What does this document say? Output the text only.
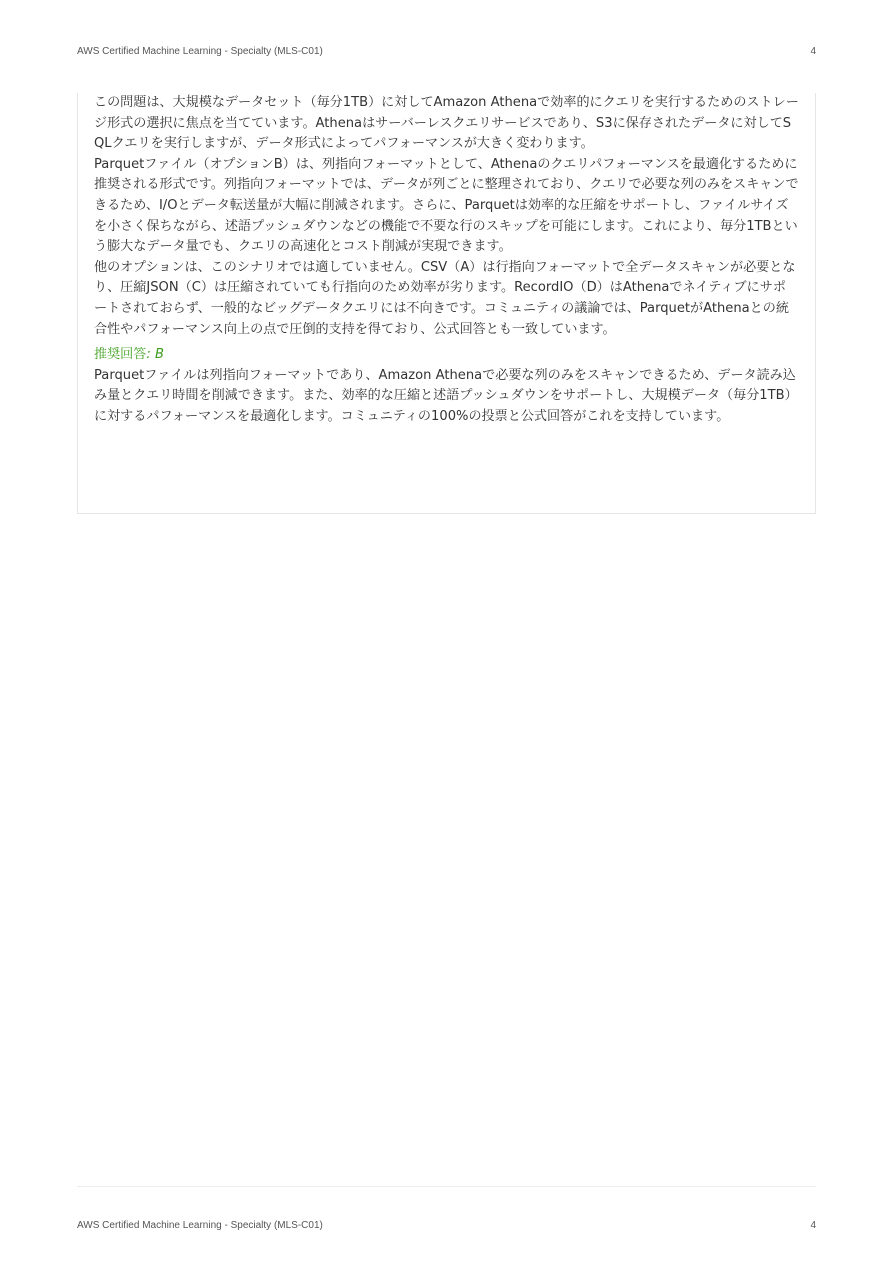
AWS Certified Machine Learning - Specialty (MLS-C01)	4

この問題は、大規模なデータセット（毎分1TB）に対してAmazon Athenaで効率的にクエリを実行するためのストレージ形式の選択に焦点を当てています。Athenaはサーバーレスクエリサービスであり、S3に保存されたデータに対してSQLクエリを実行しますが、データ形式によってパフォーマンスが大きく変わります。

Parquetファイル（オプションB）は、列指向フォーマットとして、Athenaのクエリパフォーマンスを最適化するために推奨される形式です。列指向フォーマットでは、データが列ごとに整理されており、クエリで必要な列のみをスキャンできるため、I/Oとデータ転送量が大幅に削減されます。さらに、Parquetは効率的な圧縮をサポートし、ファイルサイズを小さく保ちながら、述語プッシュダウンなどの機能で不要な行のスキップを可能にします。これにより、毎分1TBという膨大なデータ量でも、クエリの高速化とコスト削減が実現できます。

他のオプションは、このシナリオでは適していません。CSV（A）は行指向フォーマットで全データスキャンが必要となり、圧縮JSON（C）は圧縮されていても行指向のため効率が劣ります。RecordIO（D）はAthenaでネイティブにサポートされておらず、一般的なビッグデータクエリには不向きです。コミュニティの議論では、ParquetがAthenaとの統合性やパフォーマンス向上の点で圧倒的支持を得ており、公式回答とも一致しています。

推奨回答: B

Parquetファイルは列指向フォーマットであり、Amazon Athenaで必要な列のみをスキャンできるため、データ読み込み量とクエリ時間を削減できます。また、効率的な圧縮と述語プッシュダウンをサポートし、大規模データ（毎分1TB）に対するパフォーマンスを最適化します。コミュニティの100%の投票と公式回答がこれを支持しています。

AWS Certified Machine Learning - Specialty (MLS-C01)	4
